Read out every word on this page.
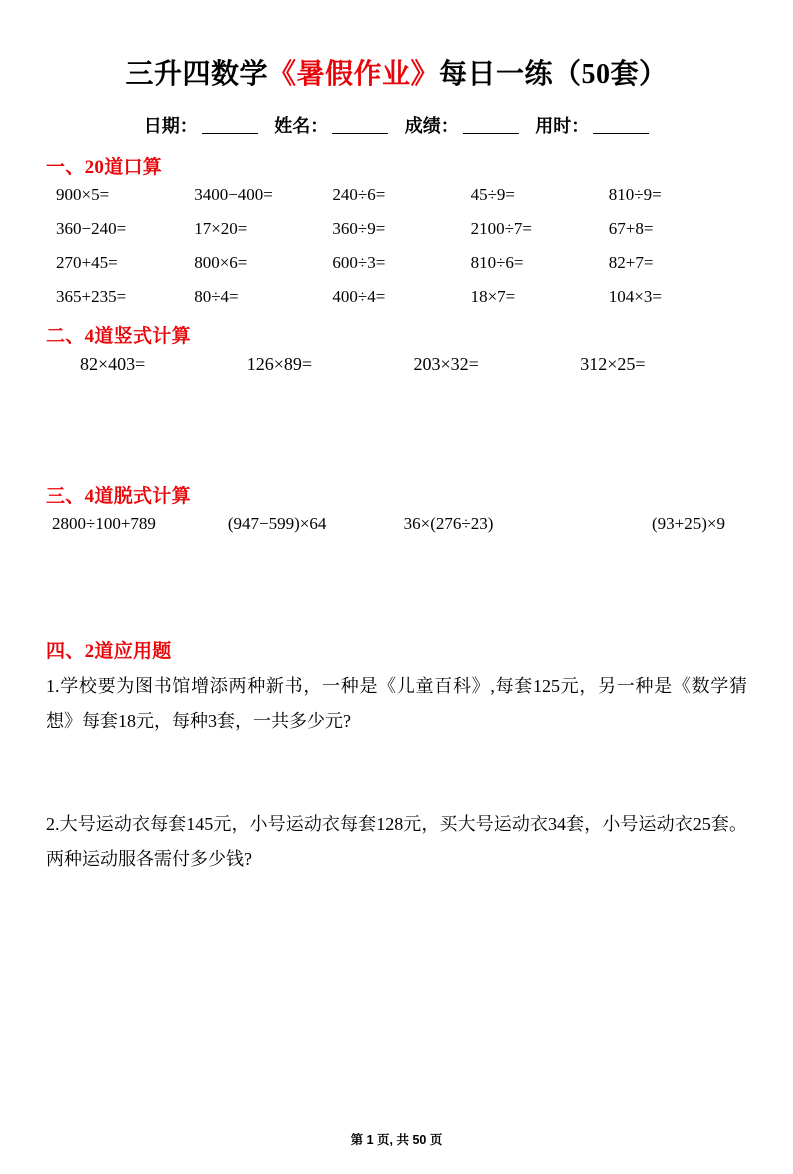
三升四数学《暑假作业》每日一练（50套）
日期：	姓名：	成绩：	用时：
一、20道口算
900×5=	3400−400=	240÷6=	45÷9=	810÷9=
360−240=	17×20=	360÷9=	2100÷7=	67+8=
270+45=	800×6=	600÷3=	810÷6=	82+7=
365+235=	80÷4=	400÷4=	18×7=	104×3=
二、4道竖式计算
82×403=	126×89=	203×32=	312×25=
三、4道脱式计算
2800÷100+789	(947−599)×64	36×(276÷23)	(93+25)×9
四、2道应用题
1.学校要为图书馆增添两种新书，一种是《儿童百科》,每套125元，另一种是《数学猜想》每套18元，每种3套，一共多少元?
2.大号运动衣每套145元，小号运动衣每套128元，买大号运动衣34套，小号运动衣25套。两种运动服各需付多少钱?
第 1 页, 共 50 页
